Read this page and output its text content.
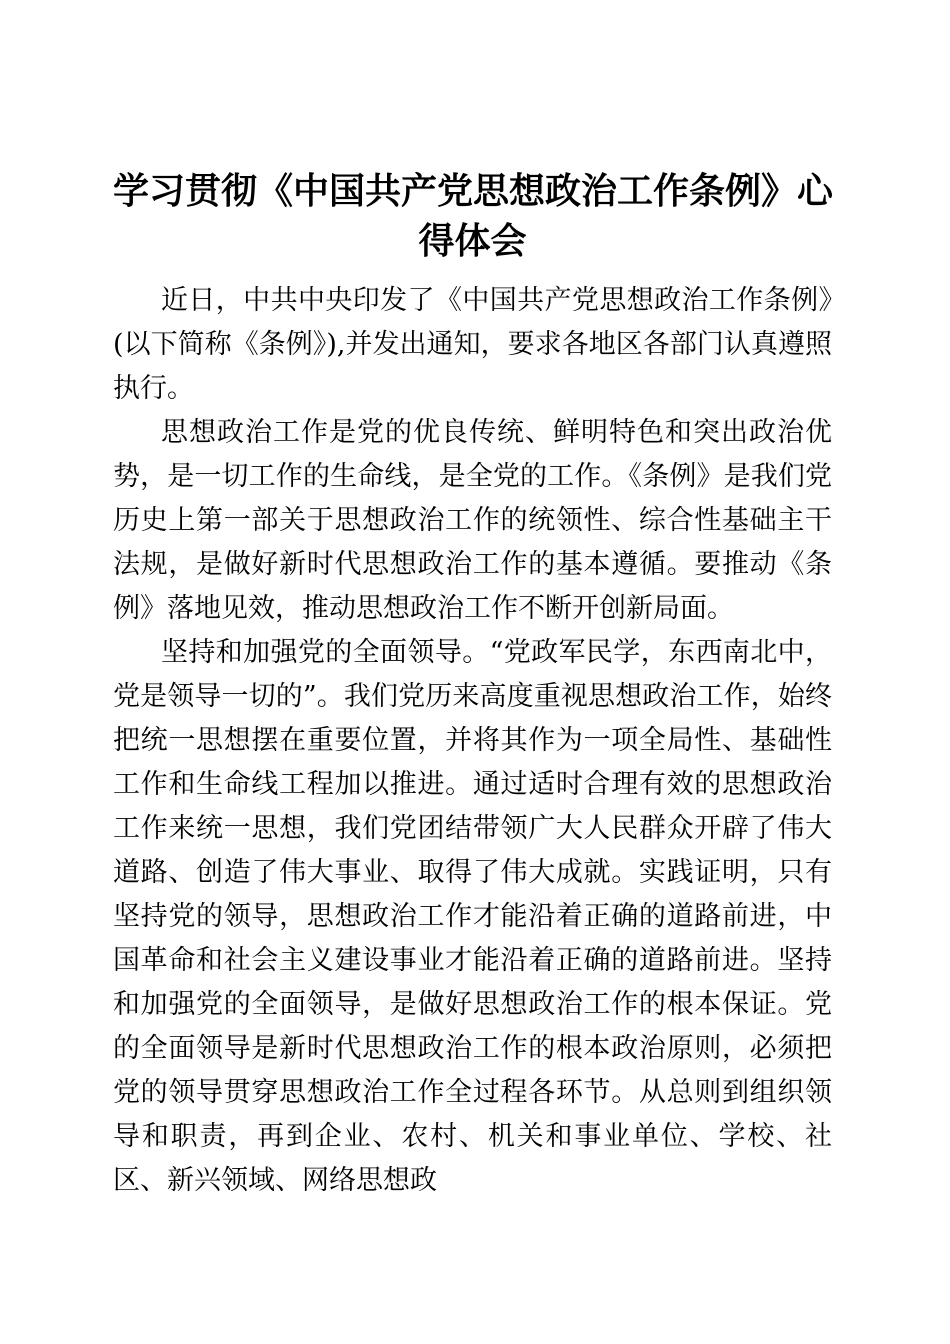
学习贯彻《中国共产党思想政治工作条例》心
得体会

近日，中共中央印发了《中国共产党思想政治工作条例》(以下简称《条例》),并发出通知，要求各地区各部门认真遵照执行。

思想政治工作是党的优良传统、鲜明特色和突出政治优势，是一切工作的生命线，是全党的工作。《条例》是我们党历史上第一部关于思想政治工作的统领性、综合性基础主干法规，是做好新时代思想政治工作的基本遵循。要推动《条例》落地见效，推动思想政治工作不断开创新局面。

坚持和加强党的全面领导。“党政军民学，东西南北中，党是领导一切的”。我们党历来高度重视思想政治工作，始终把统一思想摆在重要位置，并将其作为一项全局性、基础性工作和生命线工程加以推进。通过适时合理有效的思想政治工作来统一思想，我们党团结带领广大人民群众开辟了伟大道路、创造了伟大事业、取得了伟大成就。实践证明，只有坚持党的领导，思想政治工作才能沿着正确的道路前进，中国革命和社会主义建设事业才能沿着正确的道路前进。坚持和加强党的全面领导，是做好思想政治工作的根本保证。党的全面领导是新时代思想政治工作的根本政治原则，必须把党的领导贯穿思想政治工作全过程各环节。从总则到组织领导和职责，再到企业、农村、机关和事业单位、学校、社区、新兴领域、网络思想政
